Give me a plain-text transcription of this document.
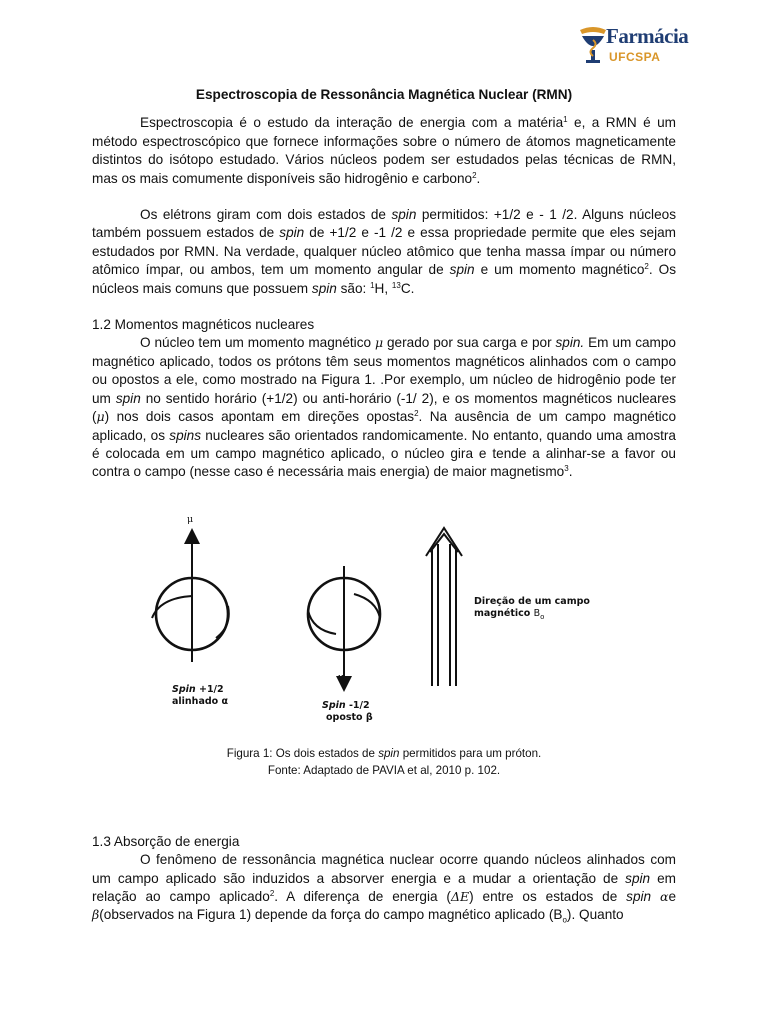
Farmácia
UFCSPA
Espectroscopia de Ressonância Magnética Nuclear (RMN)

Espectroscopia é o estudo da interação de energia com a matéria$^1$ e, a RMN é um método espectroscópico que fornece informações sobre o número de átomos magneticamente distintos do isótopo estudado. Vários núcleos podem ser estudados pelas técnicas de RMN, mas os mais comumente disponíveis são hidrogênio e carbono$^2$.

Os elétrons giram com dois estados de spin permitidos: +1/2 e - 1 /2. Alguns núcleos também possuem estados de spin de +1/2 e -1 /2 e essa propriedade permite que eles sejam estudados por RMN. Na verdade, qualquer núcleo atômico que tenha massa ímpar ou número atômico ímpar, ou ambos, tem um momento angular de spin e um momento magnético$^2$. Os núcleos mais comuns que possuem spin são: $^1$H, $^{13}$C.

1.2 Momentos magnéticos nucleares

O núcleo tem um momento magnético μ gerado por sua carga e por spin. Em um campo magnético aplicado, todos os prótons têm seus momentos magnéticos alinhados com o campo ou opostos a ele, como mostrado na Figura 1. .Por exemplo, um núcleo de hidrogênio pode ter um spin no sentido horário (+1/2) ou anti-horário (-1/ 2), e os momentos magnéticos nucleares (μ) nos dois casos apontam em direções opostas$^2$. Na ausência de um campo magnético aplicado, os spins nucleares são orientados randomicamente. No entanto, quando uma amostra é colocada em um campo magnético aplicado, o núcleo gira e tende a alinhar-se a favor ou contra o campo (nesse caso é necessária mais energia) de maior magnetismo$^3$.

μ
μ
Spin +1/2
alinhado α	Spin -1/2
oposto β
Direção de um campo
magnético $B_o$

Figura 1: Os dois estados de spin permitidos para um próton.
Fonte: Adaptado de PAVIA et al, 2010 p. 102.

1.3 Absorção de energia

O fenômeno de ressonância magnética nuclear ocorre quando núcleos alinhados com um campo aplicado são induzidos a absorver energia e a mudar a orientação de spin em relação ao campo aplicado$^2$. A diferença de energia (ΔE) entre os estados de spin αe β(observados na Figura 1) depende da força do campo magnético aplicado $(B_o)$. Quanto
